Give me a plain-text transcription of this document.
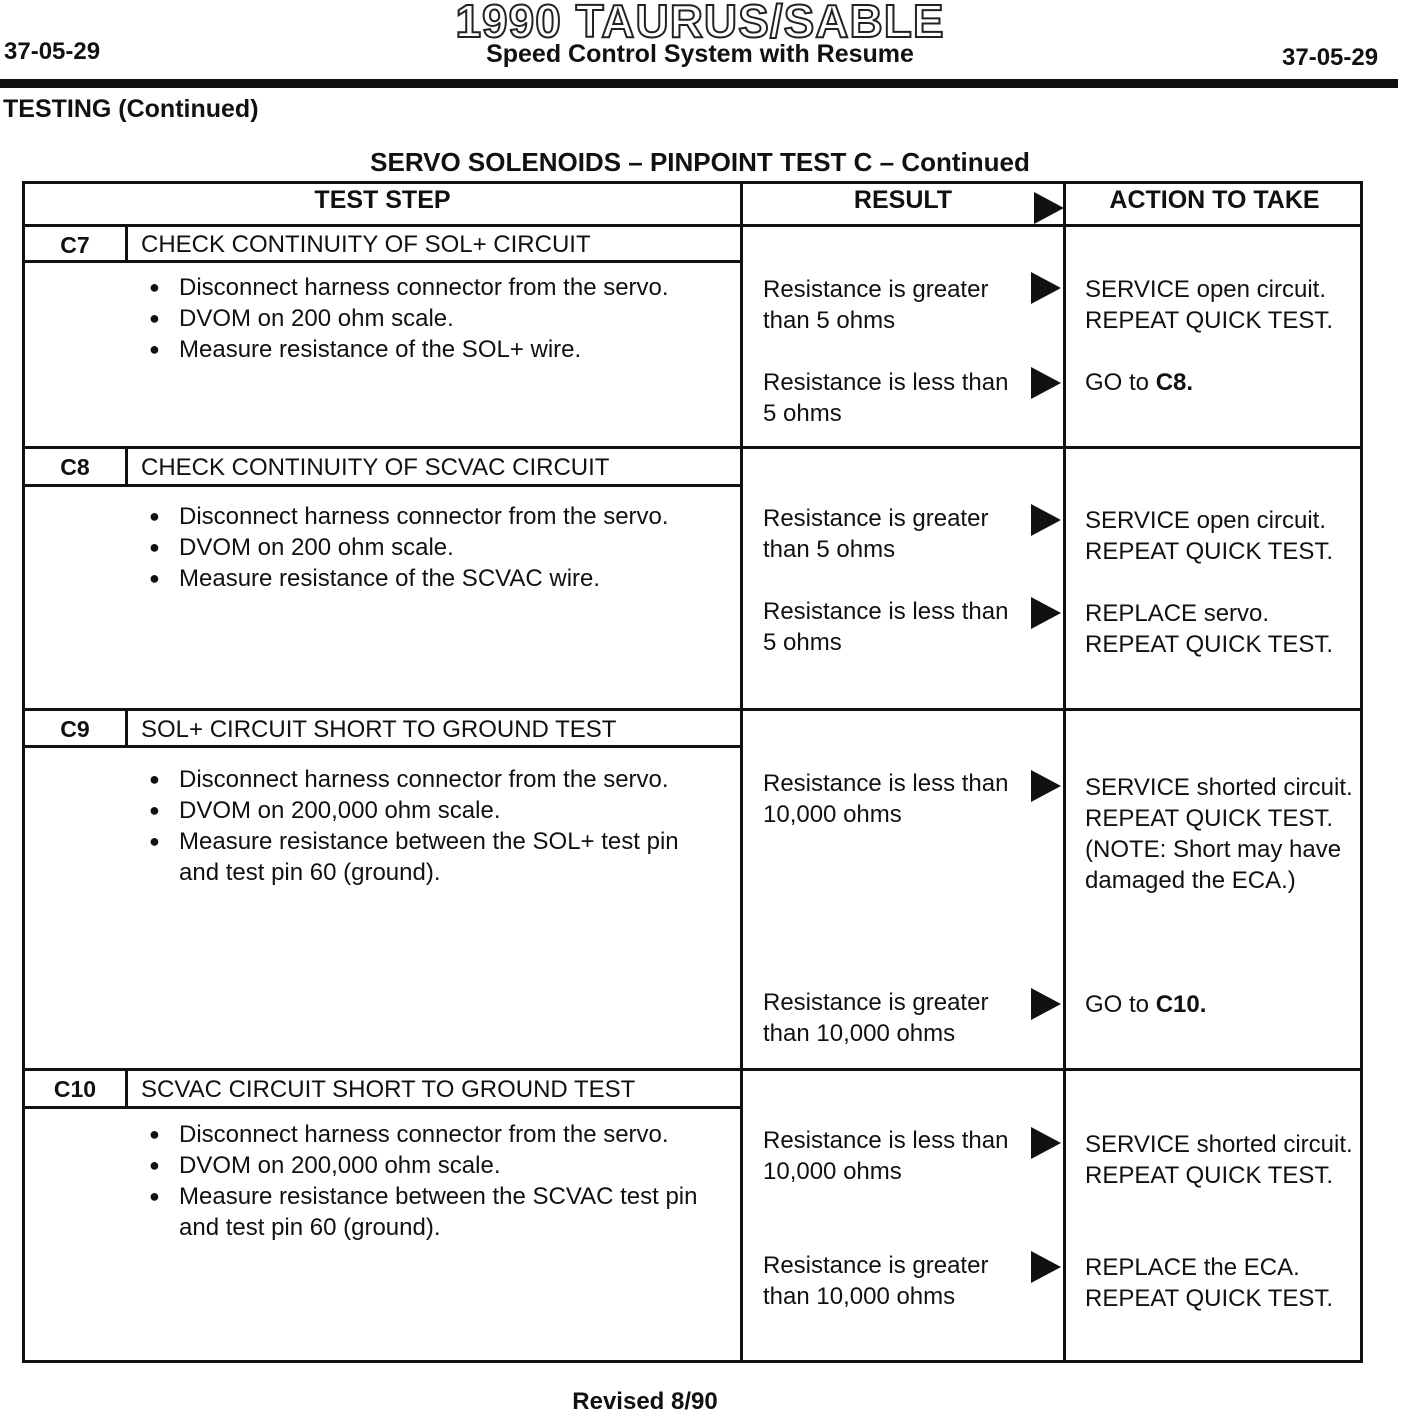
37-05-29
1990 TAURUS/SABLE
Speed Control System with Resume	37-05-29
TESTING (Continued)
SERVO SOLENOIDS – PINPOINT TEST C – Continued
TEST STEP	RESULT	ACTION TO TAKE
C7	CHECK CONTINUITY OF SOL+ CIRCUIT
● Disconnect harness connector from the servo.
● DVOM on 200 ohm scale.
● Measure resistance of the SOL+ wire.
Resistance is greater than 5 ohms
SERVICE open circuit. REPEAT QUICK TEST.
Resistance is less than 5 ohms
GO to C8.
C8	CHECK CONTINUITY OF SCVAC CIRCUIT
● Disconnect harness connector from the servo.
● DVOM on 200 ohm scale.
● Measure resistance of the SCVAC wire.
Resistance is greater than 5 ohms
SERVICE open circuit. REPEAT QUICK TEST.
Resistance is less than 5 ohms
REPLACE servo. REPEAT QUICK TEST.
C9	SOL+ CIRCUIT SHORT TO GROUND TEST
● Disconnect harness connector from the servo.
● DVOM on 200,000 ohm scale.
● Measure resistance between the SOL+ test pin and test pin 60 (ground).
Resistance is less than 10,000 ohms
SERVICE shorted circuit. REPEAT QUICK TEST. (NOTE: Short may have damaged the ECA.)
Resistance is greater than 10,000 ohms
GO to C10.
C10	SCVAC CIRCUIT SHORT TO GROUND TEST
● Disconnect harness connector from the servo.
● DVOM on 200,000 ohm scale.
● Measure resistance between the SCVAC test pin and test pin 60 (ground).
Resistance is less than 10,000 ohms
SERVICE shorted circuit. REPEAT QUICK TEST.
Resistance is greater than 10,000 ohms
REPLACE the ECA. REPEAT QUICK TEST.
Revised 8/90
